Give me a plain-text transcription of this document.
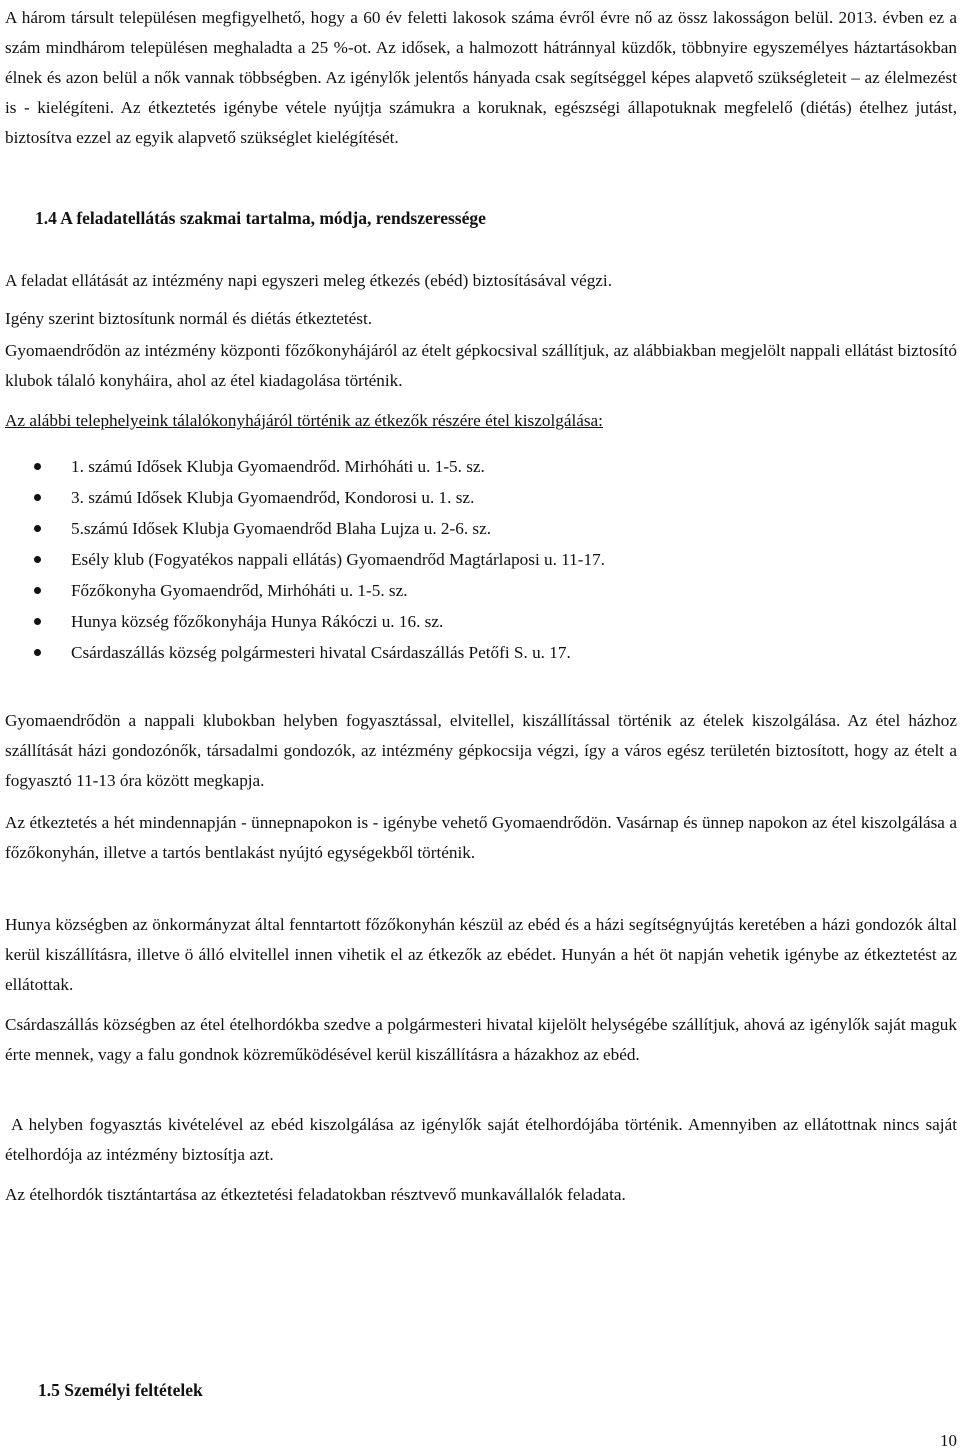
A három társult településen megfigyelhető, hogy a 60 év feletti lakosok száma évről évre nő az össz lakosságon belül. 2013. évben ez a szám mindhárom településen meghaladta a 25 %-ot. Az idősek, a halmozott hátránnyal küzdők, többnyire egyszemélyes háztartásokban élnek és azon belül a nők vannak többségben. Az igénylők jelentős hányada csak segítséggel képes alapvető szükségleteit – az élelmezést is - kielégíteni. Az étkeztetés igénybe vétele nyújtja számukra a koruknak, egészségi állapotuknak megfelelő (diétás) ételhez jutást, biztosítva ezzel az egyik alapvető szükséglet kielégítését.

1.4 A feladatellátás szakmai tartalma, módja, rendszeressége

A feladat ellátását az intézmény napi egyszeri meleg étkezés (ebéd) biztosításával végzi.

Igény szerint biztosítunk normál és diétás étkeztetést.

Gyomaendrődön az intézmény központi főzőkonyhájáról az ételt gépkocsival szállítjuk, az alábbiakban megjelölt nappali ellátást biztosító klubok tálaló konyháira, ahol az étel kiadagolása történik.

Az alábbi telephelyeink tálalókonyhájáról történik az étkezők részére étel kiszolgálása:

1. számú Idősek Klubja Gyomaendrőd. Mirhóháti u. 1-5. sz.
3. számú Idősek Klubja Gyomaendrőd, Kondorosi u. 1. sz.
5.számú Idősek Klubja Gyomaendrőd Blaha Lujza u. 2-6. sz.
Esély klub (Fogyatékos nappali ellátás) Gyomaendrőd Magtárlaposi u. 11-17.
Főzőkonyha Gyomaendrőd, Mirhóháti u. 1-5. sz.
Hunya község főzőkonyhája Hunya Rákóczi u. 16. sz.
Csárdaszállás község polgármesteri hivatal Csárdaszállás Petőfi S. u. 17.

Gyomaendrődön a nappali klubokban helyben fogyasztással, elvitellel, kiszállítással történik az ételek kiszolgálása. Az étel házhoz szállítását házi gondozónők, társadalmi gondozók, az intézmény gépkocsija végzi, így a város egész területén biztosított, hogy az ételt a fogyasztó 11-13 óra között megkapja.

Az étkeztetés a hét mindennapján - ünnepnapokon is - igénybe vehető Gyomaendrődön. Vasárnap és ünnep napokon az étel kiszolgálása a főzőkonyhán, illetve a tartós bentlakást nyújtó egységekből történik.

Hunya községben az önkormányzat által fenntartott főzőkonyhán készül az ebéd és a házi segítségnyújtás keretében a házi gondozók által kerül kiszállításra, illetve ö álló elvitellel innen vihetik el az étkezők az ebédet. Hunyán a hét öt napján vehetik igénybe az étkeztetést az ellátottak.

Csárdaszállás községben az étel ételhordókba szedve a polgármesteri hivatal kijelölt helységébe szállítjuk, ahová az igénylők saját maguk érte mennek, vagy a falu gondnok közreműködésével kerül kiszállításra a házakhoz az ebéd.

A helyben fogyasztás kivételével az ebéd kiszolgálása az igénylők saját ételhordójába történik. Amennyiben az ellátottnak nincs saját ételhordója az intézmény biztosítja azt.

Az ételhordók tisztántartása az étkeztetési feladatokban résztvevő munkavállalók feladata.

1.5 Személyi feltételek
10
